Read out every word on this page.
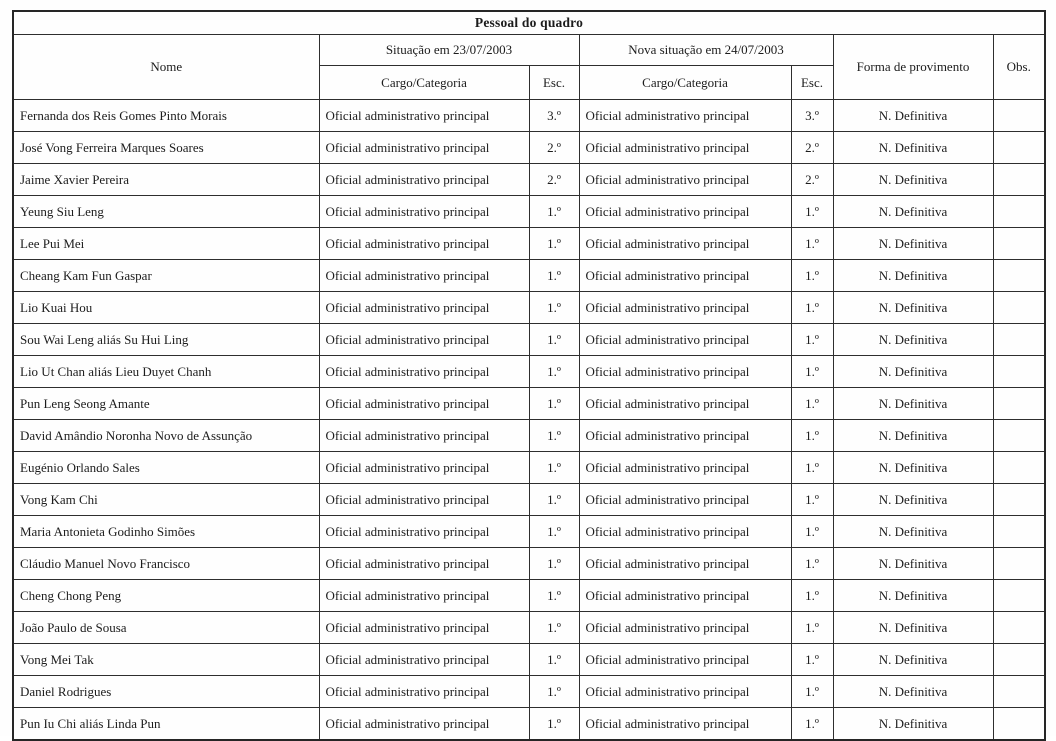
Pessoal do quadro						
Nome	Situação em 23/07/2003		Nova situação em 24/07/2003		Forma de provimento	Obs.
	Cargo/Categoria	Esc.	Cargo/Categoria	Esc.		
Fernanda dos Reis Gomes Pinto Morais	Oficial administrativo principal	3.º	Oficial administrativo principal	3.º	N. Definitiva	
José Vong Ferreira Marques Soares	Oficial administrativo principal	2.º	Oficial administrativo principal	2.º	N. Definitiva	
Jaime Xavier Pereira	Oficial administrativo principal	2.º	Oficial administrativo principal	2.º	N. Definitiva	
Yeung Siu Leng	Oficial administrativo principal	1.º	Oficial administrativo principal	1.º	N. Definitiva	
Lee Pui Mei	Oficial administrativo principal	1.º	Oficial administrativo principal	1.º	N. Definitiva	
Cheang Kam Fun Gaspar	Oficial administrativo principal	1.º	Oficial administrativo principal	1.º	N. Definitiva	
Lio Kuai Hou	Oficial administrativo principal	1.º	Oficial administrativo principal	1.º	N. Definitiva	
Sou Wai Leng aliás Su Hui Ling	Oficial administrativo principal	1.º	Oficial administrativo principal	1.º	N. Definitiva	
Lio Ut Chan aliás Lieu Duyet Chanh	Oficial administrativo principal	1.º	Oficial administrativo principal	1.º	N. Definitiva	
Pun Leng Seong Amante	Oficial administrativo principal	1.º	Oficial administrativo principal	1.º	N. Definitiva	
David Amândio Noronha Novo de Assunção	Oficial administrativo principal	1.º	Oficial administrativo principal	1.º	N. Definitiva	
Eugénio Orlando Sales	Oficial administrativo principal	1.º	Oficial administrativo principal	1.º	N. Definitiva	
Vong Kam Chi	Oficial administrativo principal	1.º	Oficial administrativo principal	1.º	N. Definitiva	
Maria Antonieta Godinho Simões	Oficial administrativo principal	1.º	Oficial administrativo principal	1.º	N. Definitiva	
Cláudio Manuel Novo Francisco	Oficial administrativo principal	1.º	Oficial administrativo principal	1.º	N. Definitiva	
Cheng Chong Peng	Oficial administrativo principal	1.º	Oficial administrativo principal	1.º	N. Definitiva	
João Paulo de Sousa	Oficial administrativo principal	1.º	Oficial administrativo principal	1.º	N. Definitiva	
Vong Mei Tak	Oficial administrativo principal	1.º	Oficial administrativo principal	1.º	N. Definitiva	
Daniel Rodrigues	Oficial administrativo principal	1.º	Oficial administrativo principal	1.º	N. Definitiva	
Pun Iu Chi aliás Linda Pun	Oficial administrativo principal	1.º	Oficial administrativo principal	1.º	N. Definitiva	
